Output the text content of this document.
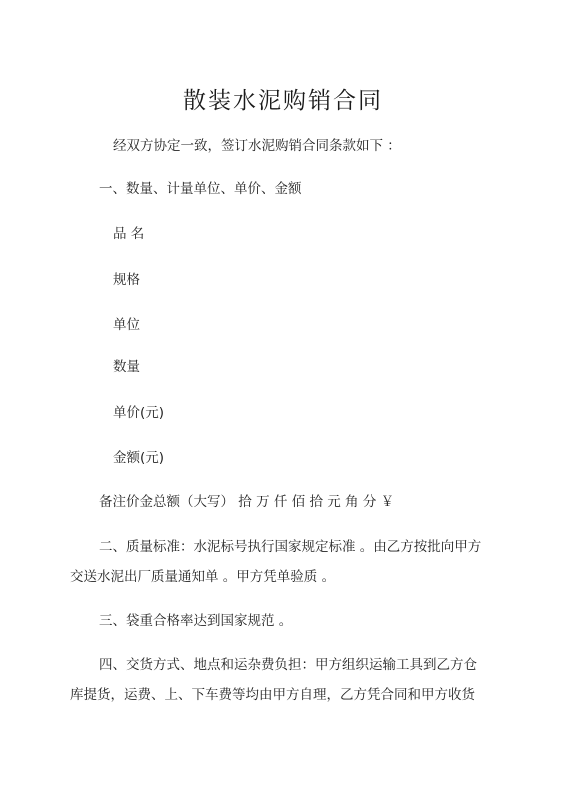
散装水泥购销合同
经双方协定一致，签订水泥购销合同条款如下 ：
一、数量、计量单位、单价、金额
品 名
规格
单位
数量
单价(元)
金额(元)
备注价金总额（大写） 拾 万 仟 佰 拾 元 角 分 ￥
二、质量标准：水泥标号执行国家规定标准 。由乙方按批向甲方
交送水泥出厂质量通知单 。甲方凭单验质 。
三、袋重合格率达到国家规范 。
四、交货方式、地点和运杂费负担：甲方组织运输工具到乙方仓
库提货，运费、上、下车费等均由甲方自理，乙方凭合同和甲方收货
